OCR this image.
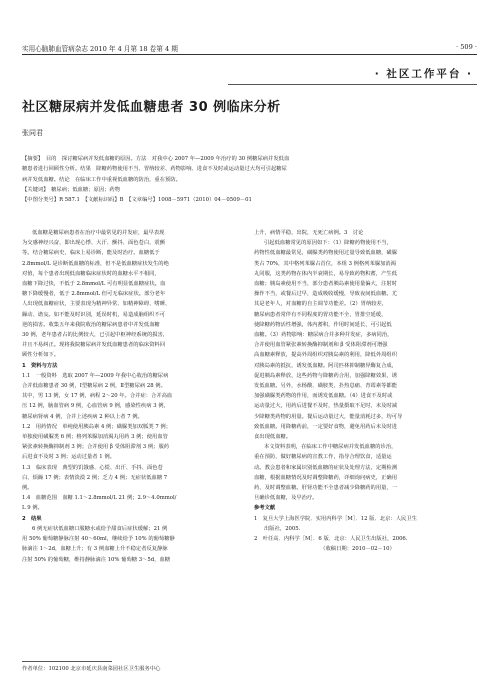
实用心脑肺血管病杂志 2010 年 4 月第 18 卷第 4 期	· 509 ·
· 社区工作平台 ·
社区糖尿病并发低血糖患者 30 例临床分析
张同君

【摘要】　目的　探讨糖尿病并发低血糖的原因。方法　对我中心 2007 年—2009 年治疗的 30 例糖尿病并发低血

糖患者进行回顾性分析。结果　降糖药物使用不当、胃纳较差、药物影响、进食不及时或运动量过大均可引起糖尿

病并发低血糖。结论　在临床工作中重视低血糖的防治，重在预防。

【关键词】　糖尿病；低血糖；原因；药物

【中图分类号】R 587.1　【文献标识码】B　【文章编号】1008－5971（2010）04－0509－01

低血糖是糖尿病患者在治疗中最常见的并发症，最早表现

为交感神经兴奋，即出现心悸、大汗、颤抖、面色苍白、震颤

等。结合糖尿病史，临床上易诊断，能及时治疗。血糖低于

2.8mmol/L 是诊断低血糖的标准，但不是低血糖症状发生的绝

对值，每个患者出现低血糖临床症状时的血糖水平不相同，

血糖下降过快，不低于 2.8mmol/L 可有明显低血糖症状。血

糖下降缓慢者，低于 2.8mmol/L 但可无临床症状。部分老年

人出现低血糖症状，主要表现为精神异常、如精神障碍、嗜睡、

躁动、谵妄。如不能及时识别，延误时机，易造成脑组织不可

逆的损害。收集五年来我院收治的糖尿病患者中并发低血糖

30 例，老年患者占的比例较大，已引起中枢神经系统的损害，

并且不易纠正。现将我院糖尿病并发低血糖患者的临床资料回

顾性分析如下。

1　资料与方法

1.1　一般资料　选取 2007 年—2009 年我中心收治的糖尿病

合并低血糖患者 30 例，Ⅰ型糖尿病 2 例，Ⅱ型糖尿病 28 例。

其中，男 13 例，女 17 例，病程 2～20 年。合并症：合并高血

压 12 例，脑血管病 9 例，心血管病 9 例，感染性疾病 3 例，

糖尿病肾病 4 例，合并上述疾病 2 种以上者 7 例。

1.2　用药情况　单纯使用胰岛素 4 例；磺脲类加双胍类 7 例；

单独使用磺脲类 6 例；格列苯脲加消渴丸用药 3 例；使用血管

紧张素转换酶抑制剂 3 例；合并使用 β 受体阻滞剂 3 例；服药

后进食不及时 3 例；运动过量者 1 例。

1.3　临床表现　典型的饥饿感、心慌、出汗、手抖、面色苍

白、烦躁 17 例；表情淡漠 2 例；乏力 4 例；无症状低血糖 7

例。

1.4　血糖范围　血糖 1.1～2.8mmol/L 21 例；2.9～4.0mmol/

L 9 例。

2　结果

6 例无症状低血糖口服糖水或给予甜食后症状缓解；21 例

用 50% 葡萄糖静脉注射 40～60ml，继续给予 10% 的葡萄糖静

脉滴注 1～2d，血糖上升；有 3 例血糖上升不稳定者反复静脉

注射 50% 的葡萄糖，维持静脉滴注 10% 葡萄糖 3～5d，血糖

上升，病情平稳，出院，无死亡病例。3　讨论

引起低血糖常见的原因如下：（1）降糖药物使用不当，

药物性低血糖最常见，磺脲类药物使用过量导致低血糖，磺脲

类占 70%，其中格列苯脲占首位，本组 3 例格列苯脲加消渴

丸同服，这类药物在体内半衰期长，易导致药物积蓄，产生低

血糖；胰岛素使用不当，部分患者胰岛素使用量偏大，注射时

操作不当，或餐后过早，造成吸收缓慢，导致夜间低血糖。尤

其是老年人，对血糖的自主调节功能差。（2）胃纳较差，

糖尿病患者常伴有不同程度的胃功能不全，胃排空延缓，

使降糖药物活性增强，体内蓄积，作用时间延长，可引起低

血糖。（3）药物影响：糖尿病合并多种并发症，多病同治，

合并使用血管紧张素转换酶抑制剂和 β 受体阻滞剂可增强

高血糖素释放，提高外周组织对胰岛素的利用，降低外周组织

对胰岛素的抵抗，诱发低血糖。阿司匹林抑制糖异酶复合成，

促进胰岛素释放，这些药物与降糖药合用，加强降糖效果，诱

发低血糖。另外，水杨酸、磺胺类、扑热息痛、青霉素等都能

加强磺脲类药物的作用，而诱发低血糖。（4）进食不及时或

运动量过大，用药后进餐不及时，热量摄取不足时，未及时减

少降糖类药物的用量。餐后运动量过大，能量消耗过多，均可导

致低血糖。用降糖药前，一定要好食物，避免用药后未及时进

食出现低血糖。

本文资料表明，在临床工作中糖尿病并发低血糖的诊治，

重在预防，做好糖尿病的宣教工作，指导合理饮食，适量运

动。教会患者和家属识别低血糖的症状及处理方法，定期检测

血糖，根据血糖情况及时调整降糖药，详细询问病史，正确用

药，及时调整血糖。肝肾功能不全患者减少降糖药的用量，一

旦确诊低血糖，及早治疗。

参考文献

1　复旦大学上海医学院．实用内科学［M］．12 版．北京：人民卫生

出版社，2005.

2　叶任高．内科学［M］．6 版．北京：人民卫生出版社，2006.

　　　　　　　　　　　　　（收稿日期：2010－02－10）

作者单位：102100 北京市延庆县南菜园社区卫生服务中心
